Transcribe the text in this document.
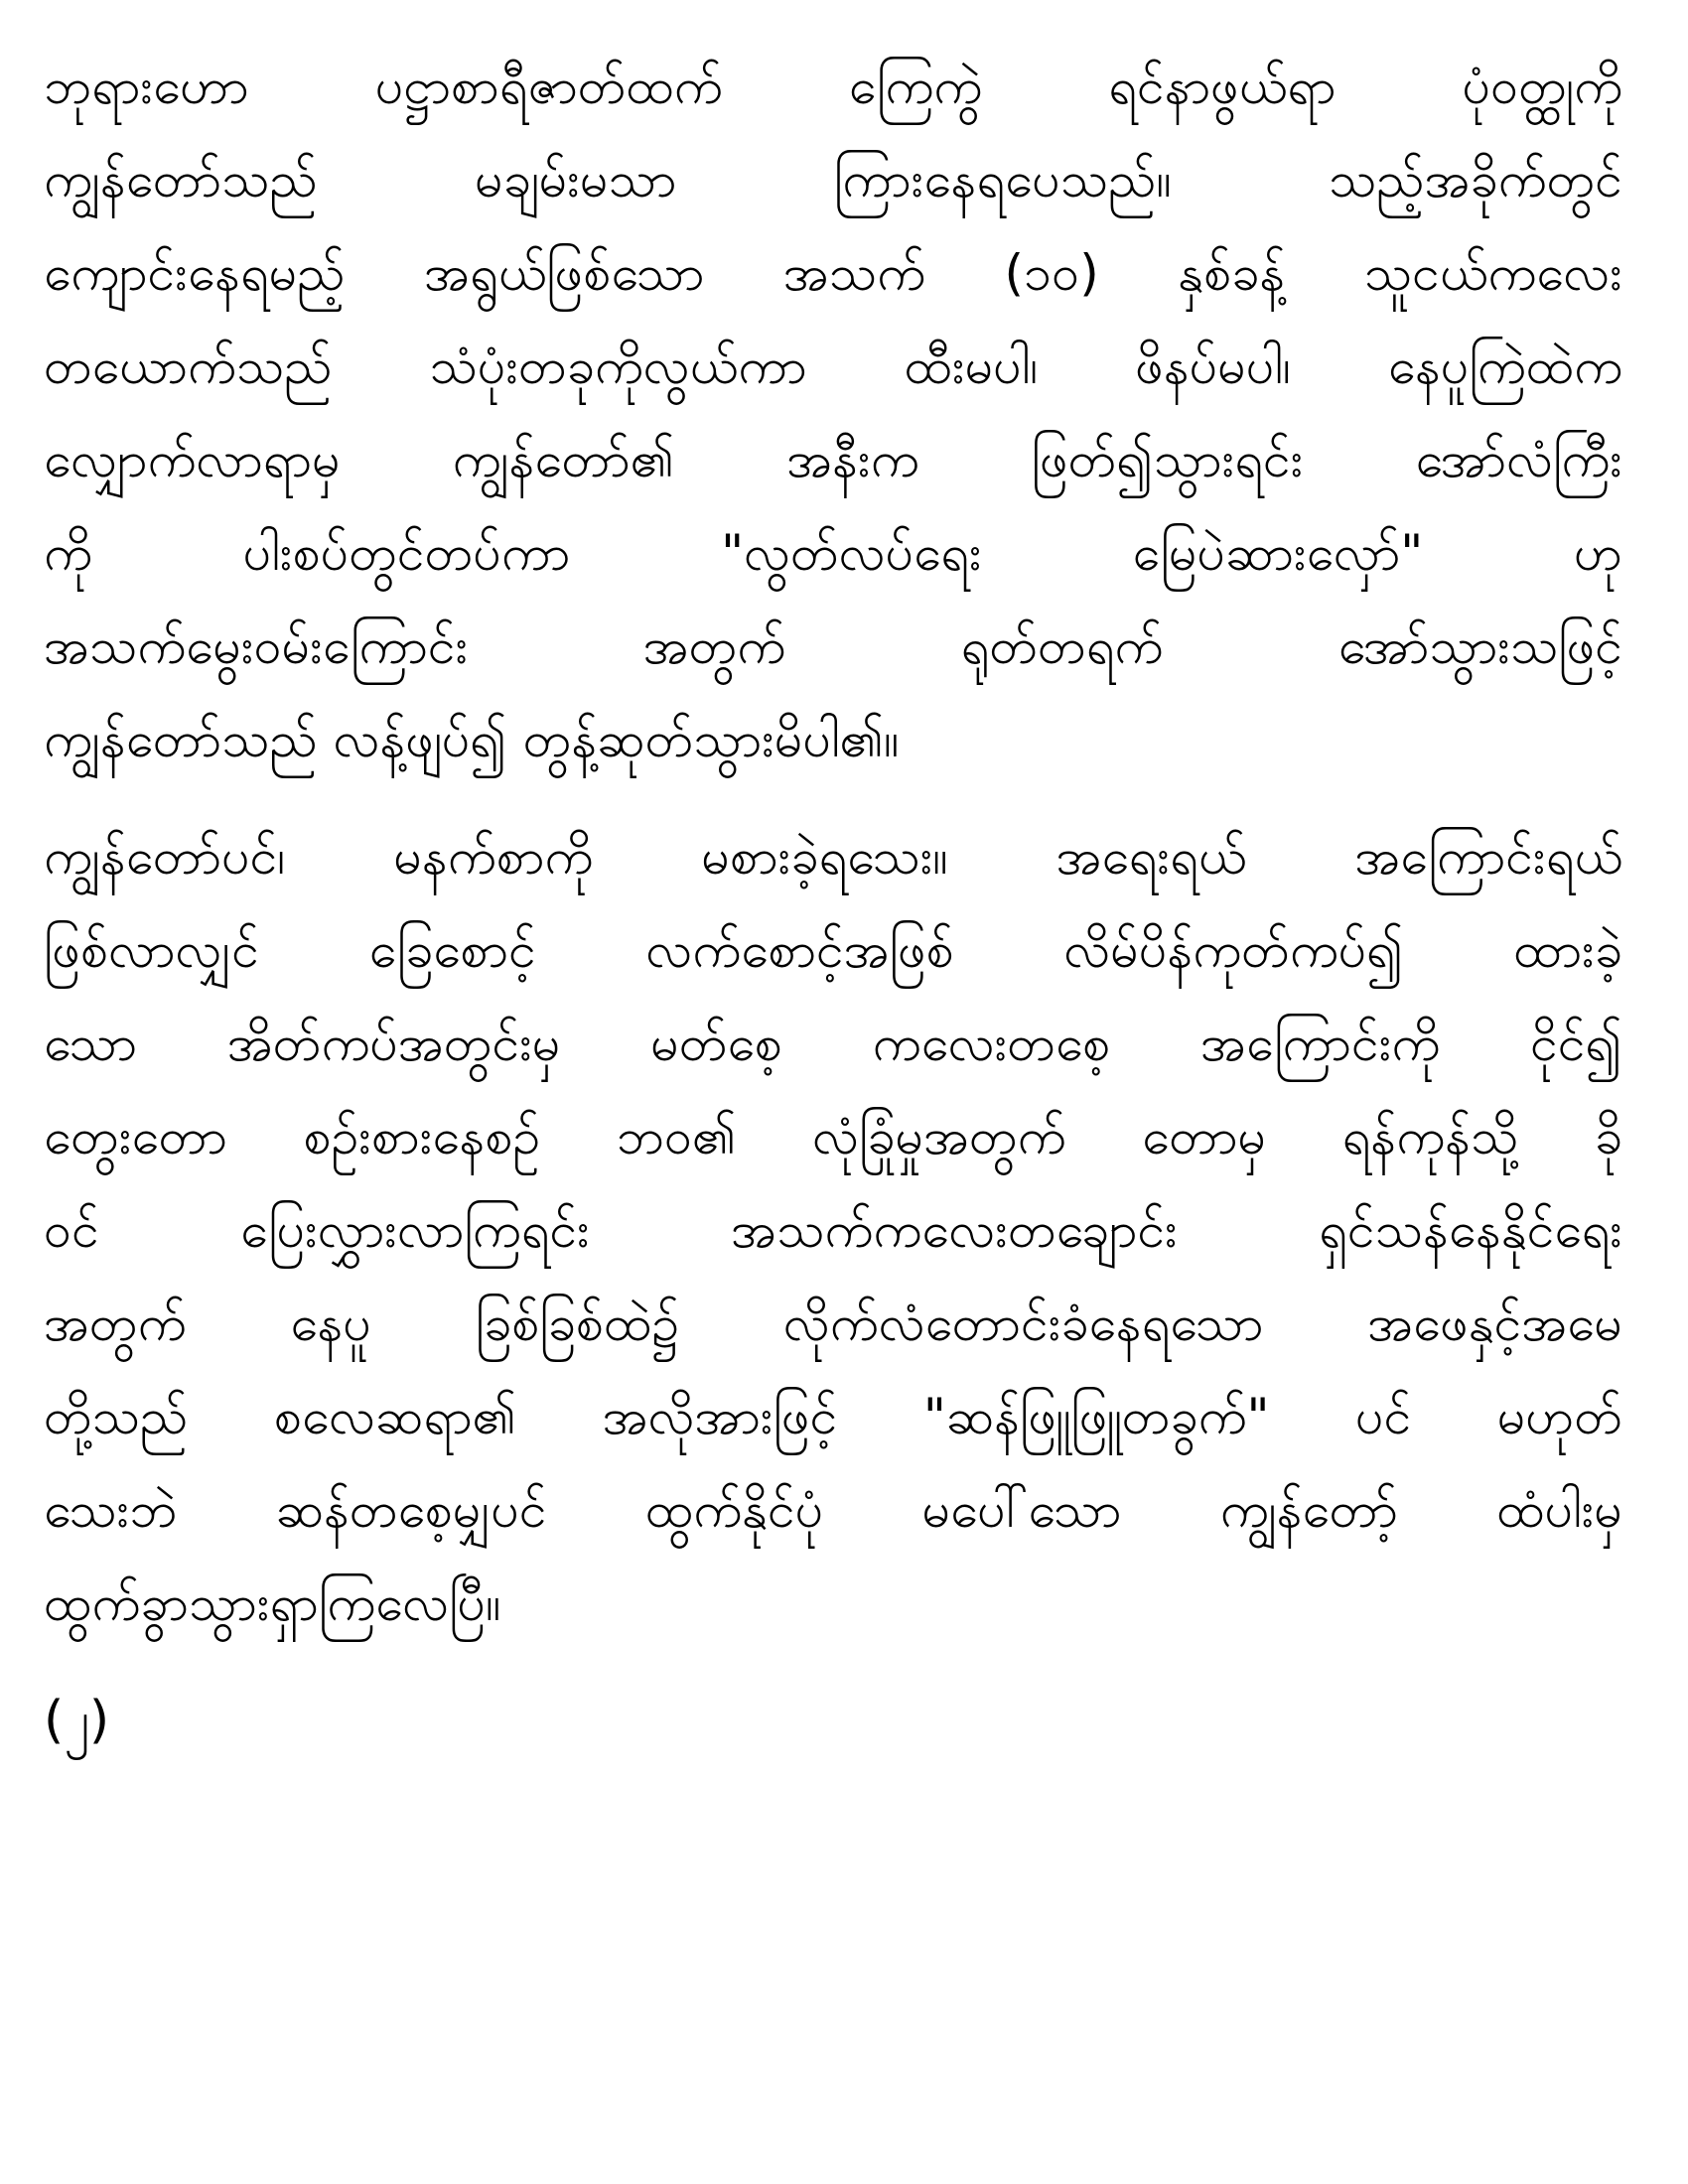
ဘုရားဟော ပဋ္ဌာစာရီဇာတ်ထက် ကြေကွဲ ရင်နာဖွယ်ရာ ပုံဝတ္ထုကို
ကျွန်တော်သည် မချမ်းမသာ ကြားနေရပေသည်။ သည့်အခိုက်တွင်
ကျောင်းနေရမည့် အရွယ်ဖြစ်သော အသက် (၁၀) နှစ်ခန့် သူငယ်ကလေး
တယောက်သည် သံပုံးတခုကိုလွယ်ကာ ထီးမပါ၊ ဖိနပ်မပါ၊ နေပူကြဲထဲက
လျှောက်လာရာမှ ကျွန်တော်၏ အနီးက ဖြတ်၍သွားရင်း အော်လံကြီး
ကို ပါးစပ်တွင်တပ်ကာ "လွတ်လပ်ရေး မြေပဲဆားလှော်" ဟု
အသက်မွေးဝမ်းကြောင်း အတွက် ရုတ်တရက် အော်သွားသဖြင့်
ကျွန်တော်သည် လန့်ဖျပ်၍ တွန့်ဆုတ်သွားမိပါ၏။
ကျွန်တော်ပင်၊ မနက်စာကို မစားခဲ့ရသေး။ အရေးရယ် အကြောင်းရယ်
ဖြစ်လာလျှင် ခြေစောင့် လက်စောင့်အဖြစ် လိမ်ပိန်ကုတ်ကပ်၍ ထားခဲ့
သော အိတ်ကပ်အတွင်းမှ မတ်စေ့ ကလေးတစေ့ အကြောင်းကို ငိုင်၍
တွေးတော စဉ်းစားနေစဉ် ဘဝ၏ လုံခြုံမှုအတွက် တောမှ ရန်ကုန်သို့ ခို
ဝင် ပြေးလွှားလာကြရင်း အသက်ကလေးတချောင်း ရှင်သန်နေနိုင်ရေး
အတွက် နေပူ ခြစ်ခြစ်ထဲ၌ လိုက်လံတောင်းခံနေရသော အဖေနှင့်အမေ
တို့သည် စလေဆရာ၏ အလိုအားဖြင့် "ဆန်ဖြူဖြူတခွက်" ပင် မဟုတ်
သေးဘဲ ဆန်တစေ့မျှပင် ထွက်နိုင်ပုံ မပေါ်သော ကျွန်တော့် ထံပါးမှ
ထွက်ခွာသွားရှာကြလေပြီ။
(၂)
